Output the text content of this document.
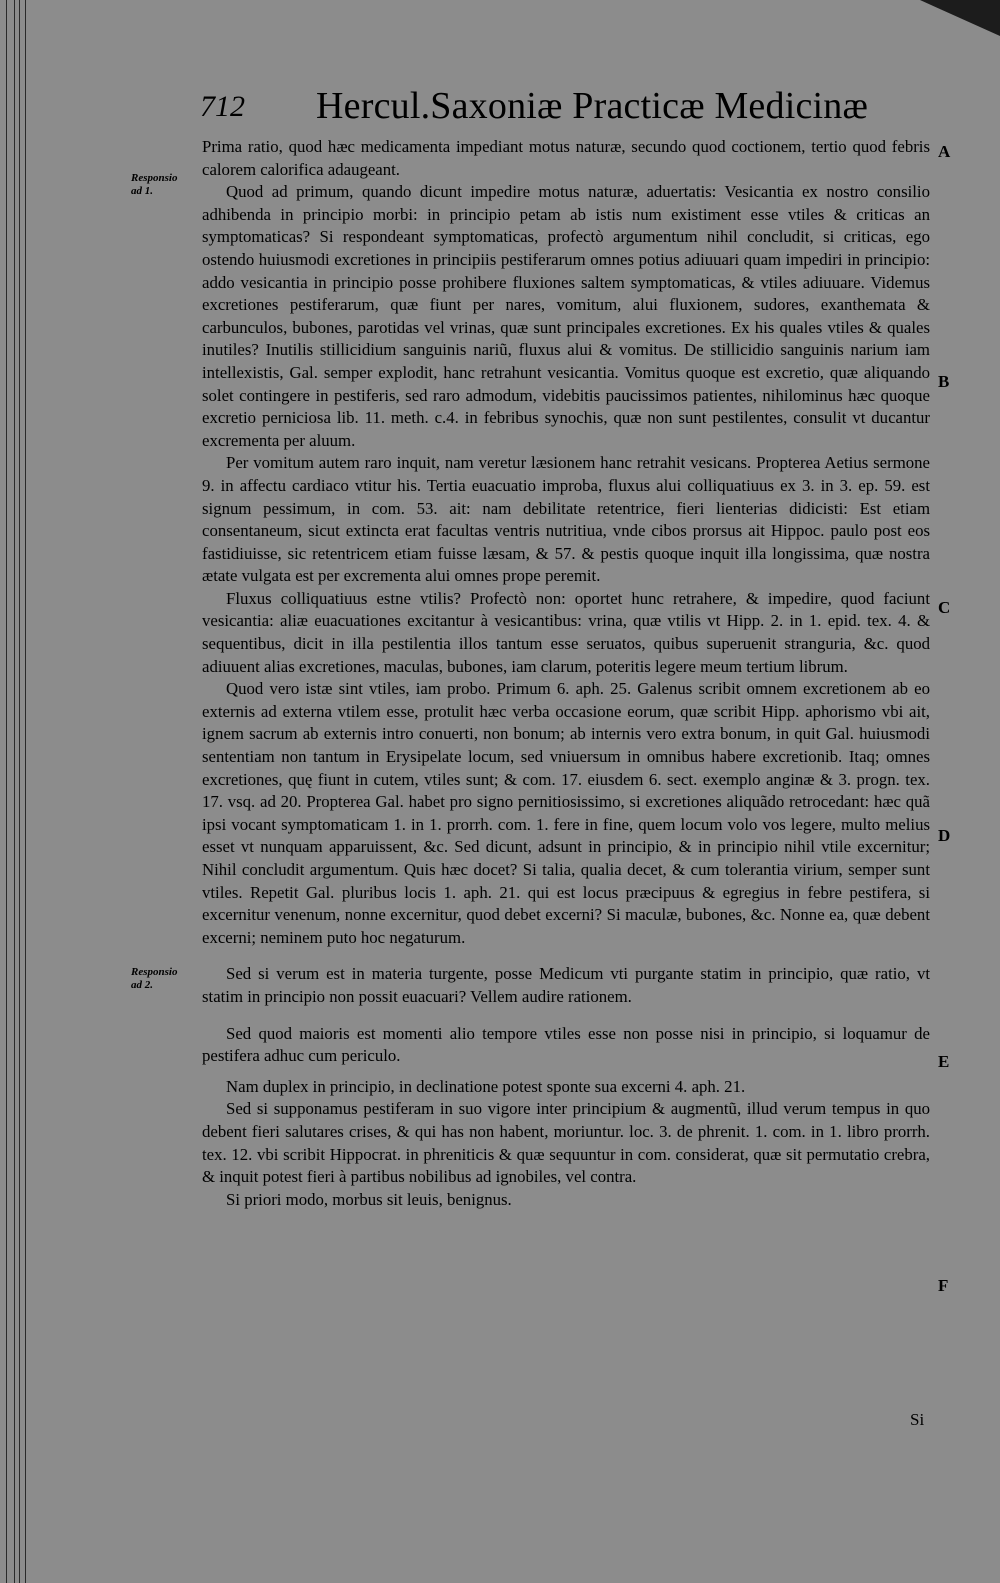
712 Hercul.Saxoniæ Practicæ Medicinæ
Responsio ad 1.
Responsio ad 2.
A
B
C
D
E
F

Prima ratio, quod hæc medicamenta impediant motus naturæ, secundo quod coctionem, tertio quod febris calorem calorifica adaugeant.

Quod ad primum, quando dicunt impedire motus naturæ, aduertatis: Vesicantia ex nostro consilio adhibenda in principio morbi: in principio petam ab istis num existiment esse vtiles & criticas an symptomaticas? Si respondeant symptomaticas, profectò argumentum nihil concludit, si criticas, ego ostendo huiusmodi excretiones in principiis pestiferarum omnes potius adiuuari quam impediri in principio: addo vesicantia in principio posse prohibere fluxiones saltem symptomaticas, & vtiles adiuuare. Videmus excretiones pestiferarum, quæ fiunt per nares, vomitum, alui fluxionem, sudores, exanthemata & carbunculos, bubones, parotidas vel vrinas, quæ sunt principales excretiones. Ex his quales vtiles & quales inutiles? Inutilis stillicidium sanguinis nariũ, fluxus alui & vomitus. De stillicidio sanguinis narium iam intellexistis, Gal. semper explodit, hanc retrahunt vesicantia. Vomitus quoque est excretio, quæ aliquando solet contingere in pestiferis, sed raro admodum, videbitis paucissimos patientes, nihilominus hæc quoque excretio perniciosa lib. 11. meth. c.4. in febribus synochis, quæ non sunt pestilentes, consulit vt ducantur excrementa per aluum.

Per vomitum autem raro inquit, nam veretur læsionem hanc retrahit vesicans. Propterea Aetius sermone 9. in affectu cardiaco vtitur his. Tertia euacuatio improba, fluxus alui colliquatiuus ex 3. in 3. ep. 59. est signum pessimum, in com. 53. ait: nam debilitate retentrice, fieri lienterias didicisti: Est etiam consentaneum, sicut extincta erat facultas ventris nutritiua, vnde cibos prorsus ait Hippoc. paulo post eos fastidiuisse, sic retentricem etiam fuisse læsam, & 57. & pestis quoque inquit illa longissima, quæ nostra ætate vulgata est per excrementa alui omnes prope peremit.

Fluxus colliquatiuus estne vtilis? Profectò non: oportet hunc retrahere, & impedire, quod faciunt vesicantia: aliæ euacuationes excitantur à vesicantibus: vrina, quæ vtilis vt Hipp. 2. in 1. epid. tex. 4. & sequentibus, dicit in illa pestilentia illos tantum esse seruatos, quibus superuenit stranguria, &c. quod adiuuent alias excretiones, maculas, bubones, iam clarum, poteritis legere meum tertium librum.

Quod vero istæ sint vtiles, iam probo. Primum 6. aph. 25. Galenus scribit omnem excretionem ab eo externis ad externa vtilem esse, protulit hæc verba occasione eorum, quæ scribit Hipp. aphorismo vbi ait, ignem sacrum ab externis intro conuerti, non bonum; ab internis vero extra bonum, in quit Gal. huiusmodi sententiam non tantum in Erysipelate locum, sed vniuersum in omnibus habere excretionib. Itaq; omnes excretiones, quę fiunt in cutem, vtiles sunt; & com. 17. eiusdem 6. sect. exemplo anginæ & 3. progn. tex. 17. vsq. ad 20. Propterea Gal. habet pro signo pernitiosissimo, si excretiones aliquãdo retrocedant: hæc quã ipsi vocant symptomaticam 1. in 1. prorrh. com. 1. fere in fine, quem locum volo vos legere, multo melius esset vt nunquam apparuissent, &c. Sed dicunt, adsunt in principio, & in principio nihil vtile excernitur; Nihil concludit argumentum. Quis hæc docet? Si talia, qualia decet, & cum tolerantia virium, semper sunt vtiles. Repetit Gal. pluribus locis 1. aph. 21. qui est locus præcipuus & egregius in febre pestifera, si excernitur venenum, nonne excernitur, quod debet excerni? Si maculæ, bubones, &c. Nonne ea, quæ debent excerni; neminem puto hoc negaturum.

Sed si verum est in materia turgente, posse Medicum vti purgante statim in principio, quæ ratio, vt statim in principio non possit euacuari? Vellem audire rationem.

Sed quod maioris est momenti alio tempore vtiles esse non posse nisi in principio, si loquamur de pestifera adhuc cum periculo.

Nam duplex in principio, in declinatione potest sponte sua excerni 4. aph. 21.

Sed si supponamus pestiferam in suo vigore inter principium & augmentũ, illud verum tempus in quo debent fieri salutares crises, & qui has non habent, moriuntur. loc. 3. de phrenit. 1. com. in 1. libro prorrh. tex. 12. vbi scribit Hippocrat. in phreniticis & quæ sequuntur in com. considerat, quæ sit permutatio crebra, & inquit potest fieri à partibus nobilibus ad ignobiles, vel contra.

Si priori modo, morbus sit leuis, benignus.

Si
